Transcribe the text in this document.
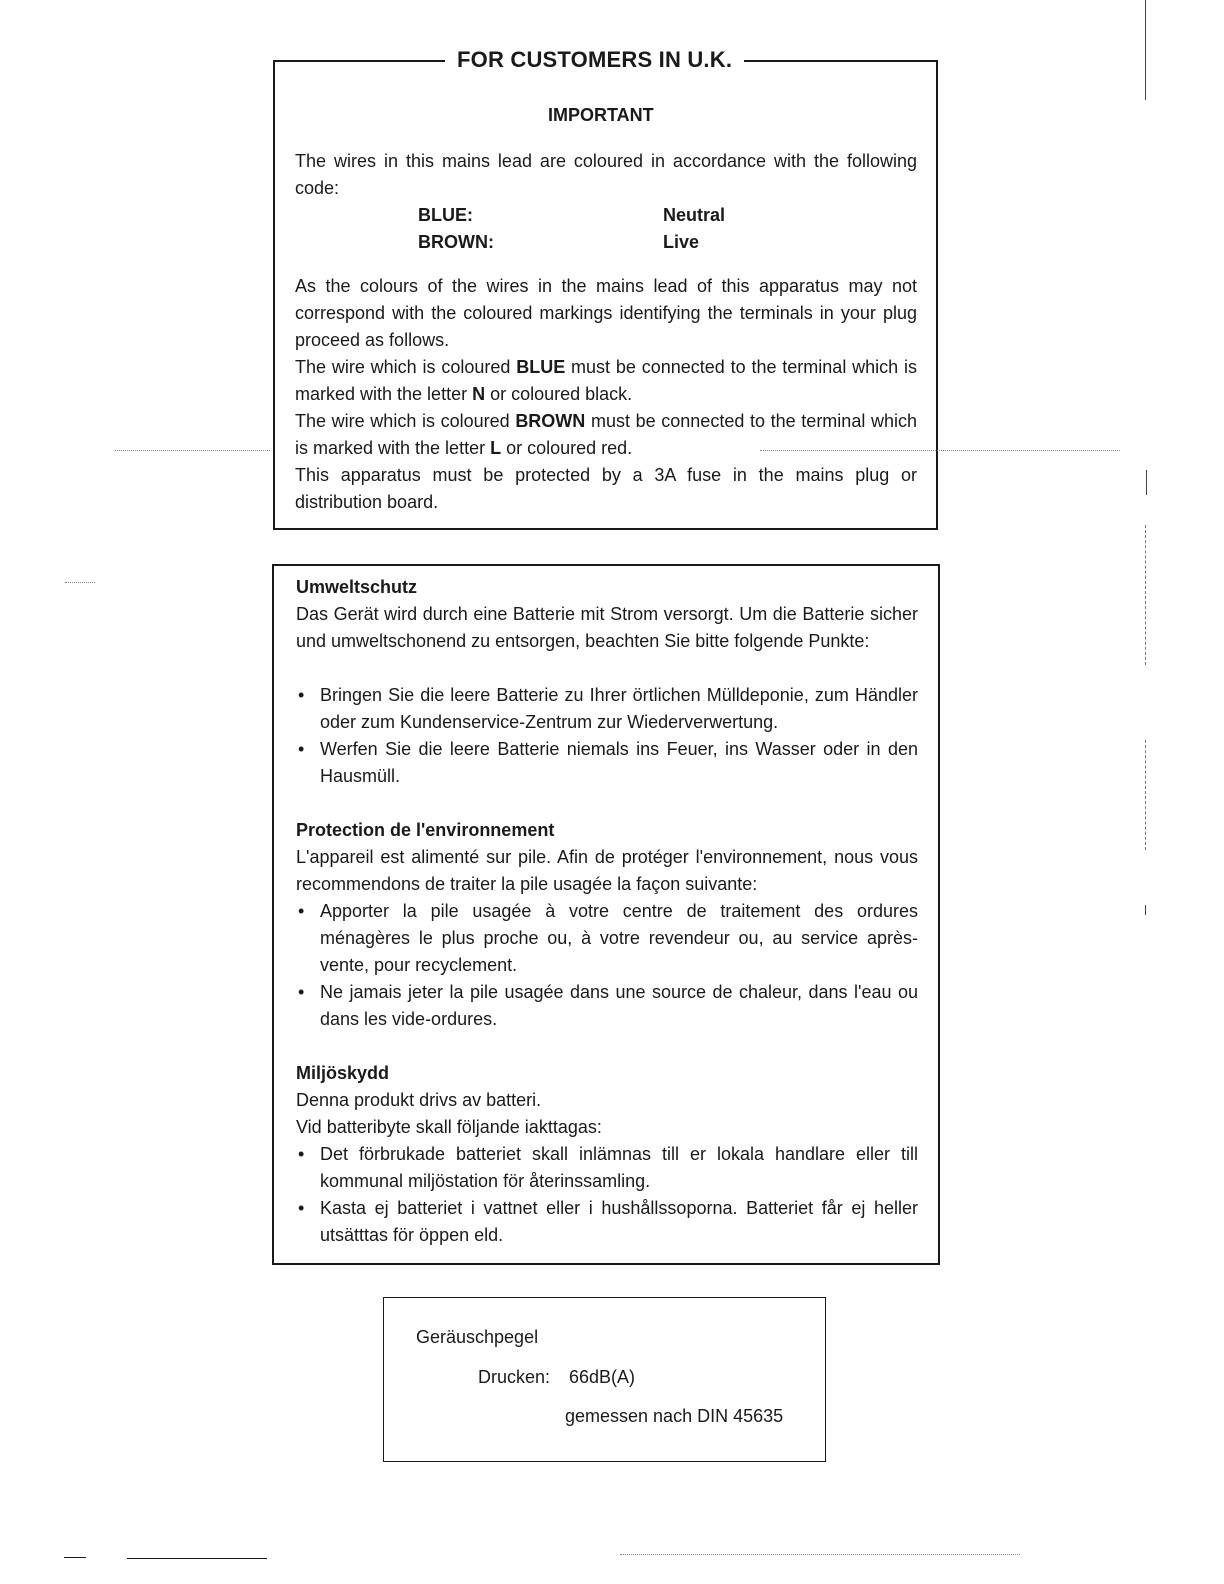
FOR CUSTOMERS IN U.K.
IMPORTANT
The wires in this mains lead are coloured in accordance with the following code:
BLUE:	Neutral
BROWN:	Live
As the colours of the wires in the mains lead of this apparatus may not correspond with the coloured markings identifying the terminals in your plug proceed as follows.
The wire which is coloured BLUE must be connected to the terminal which is marked with the letter N or coloured black.
The wire which is coloured BROWN must be connected to the terminal which is marked with the letter L or coloured red.
This apparatus must be protected by a 3A fuse in the mains plug or distribution board.
Umweltschutz
Das Gerät wird durch eine Batterie mit Strom versorgt. Um die Batterie sicher und umweltschonend zu entsorgen, beachten Sie bitte folgende Punkte:
• Bringen Sie die leere Batterie zu Ihrer örtlichen Mülldeponie, zum Händler oder zum Kundenservice-Zentrum zur Wiederverwertung.
• Werfen Sie die leere Batterie niemals ins Feuer, ins Wasser oder in den Hausmüll.
Protection de l'environnement
L'appareil est alimenté sur pile. Afin de protéger l'environnement, nous vous recommendons de traiter la pile usagée la façon suivante:
• Apporter la pile usagée à votre centre de traitement des ordures ménagères le plus proche ou, à votre revendeur ou, au service après-vente, pour recyclement.
• Ne jamais jeter la pile usagée dans une source de chaleur, dans l'eau ou dans les vide-ordures.
Miljöskydd
Denna produkt drivs av batteri.
Vid batteribyte skall följande iakttagas:
• Det förbrukade batteriet skall inlämnas till er lokala handlare eller till kommunal miljöstation för återinssamling.
• Kasta ej batteriet i vattnet eller i hushållssoporna. Batteriet får ej heller utsätttas för öppen eld.
Geräuschpegel
Drucken: 66dB(A)
gemessen nach DIN 45635
